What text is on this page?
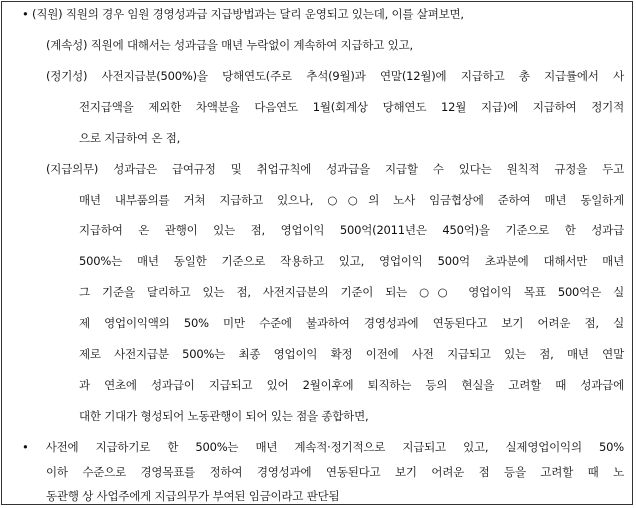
• (직원) 직원의 경우 임원 경영성과급 지급방법과는 달리 운영되고 있는데, 이를 살펴보면,
(계속성) 직원에 대해서는 성과급을 매년 누락없이 계속하여 지급하고 있고,
(정기성) 사전지급분(500%)을 당해연도(주로 추석(9월)과 연말(12월)에 지급하고 총 지급률에서 사
전지급액을 제외한 차액분을 다음연도 1월(회계상 당해연도 12월 지급)에 지급하여 정기적
으로 지급하여 온 점,
(지급의무) 성과급은 급여규정 및 취업규칙에 성과급을 지급할 수 있다는 원칙적 규정을 두고
매년 내부품의를 거쳐 지급하고 있으나, ○○의 노사 임금협상에 준하여 매년 동일하게
지급하여 온 관행이 있는 점, 영업이익 500억(2011년은 450억)을 기준으로 한 성과급
500%는 매년 동일한 기준으로 작용하고 있고, 영업이익 500억 초과분에 대해서만 매년
그 기준을 달리하고 있는 점, 사전지급분의 기준이 되는 ○○ 영업이익 목표 500억은 실
제 영업이익액의 50% 미만 수준에 불과하여 경영성과에 연동된다고 보기 어려운 점, 실
제로 사전지급분 500%는 최종 영업이익 확정 이전에 사전 지급되고 있는 점, 매년 연말
과 연초에 성과급이 지급되고 있어 2월이후에 퇴직하는 등의 현실을 고려할 때 성과급에
대한 기대가 형성되어 노동관행이 되어 있는 점을 종합하면,
• 사전에 지급하기로 한 500%는 매년 계속적·정기적으로 지급되고 있고, 실제영업이익의 50%
이하 수준으로 경영목표를 정하여 경영성과에 연동된다고 보기 어려운 점 등을 고려할 때 노
동관행 상 사업주에게 지급의무가 부여된 임금이라고 판단됨
